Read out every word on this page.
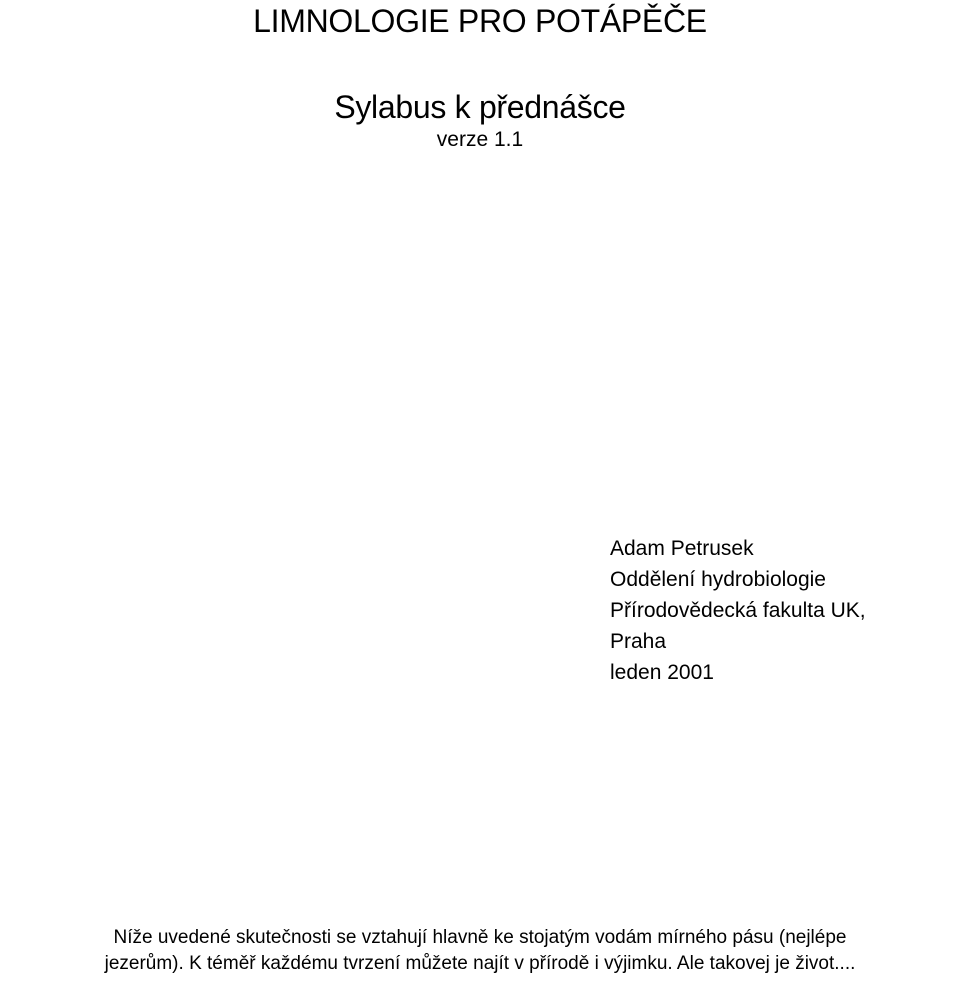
LIMNOLOGIE PRO POTÁPĚČE
Sylabus k přednášce
verze 1.1
Adam Petrusek
Oddělení hydrobiologie
Přírodovědecká fakulta UK,
Praha
leden 2001
Níže uvedené skutečnosti se vztahují hlavně ke stojatým vodám mírného pásu (nejlépe
jezerům). K téměř každému tvrzení můžete najít v přírodě i výjimku. Ale takovej je život....
